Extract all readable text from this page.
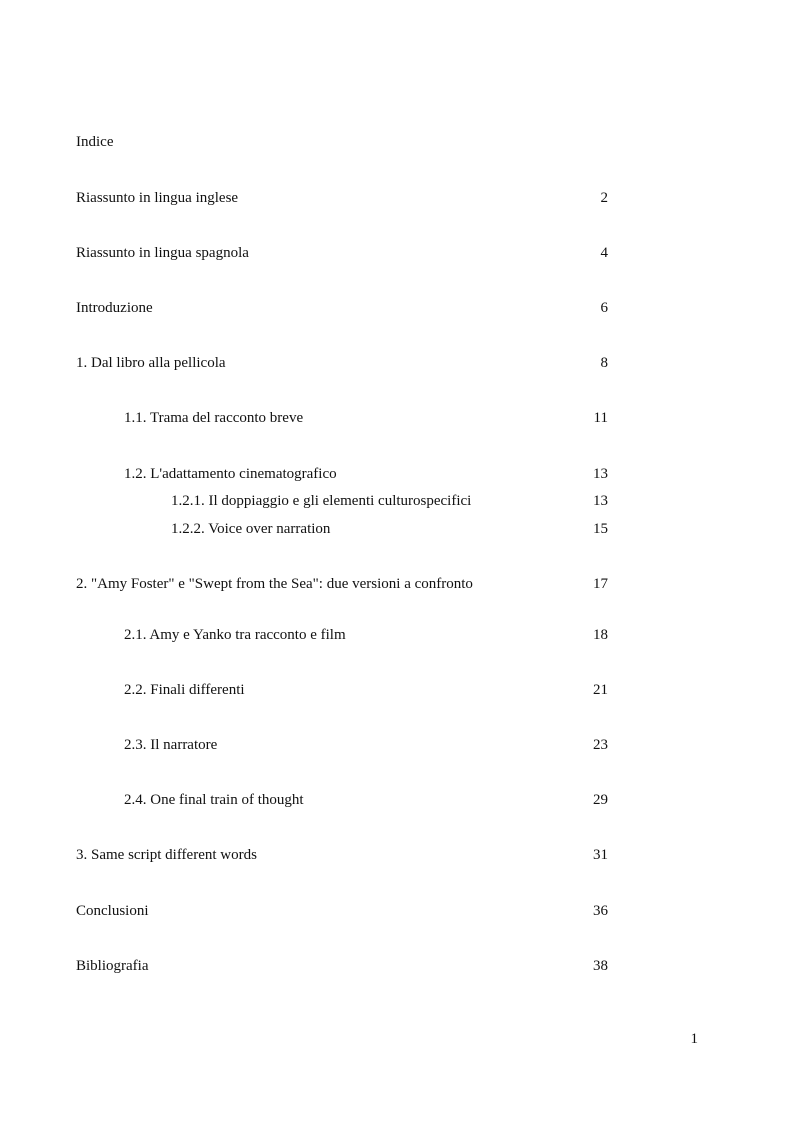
Indice
Riassunto in lingua inglese	2
Riassunto in lingua spagnola	4
Introduzione	6
1. Dal libro alla pellicola	8
1.1. Trama del racconto breve	11
1.2. L'adattamento cinematografico	13
1.2.1. Il doppiaggio e gli elementi culturospecifici	13
1.2.2. Voice over narration	15
2. "Amy Foster" e "Swept from the Sea": due versioni a confronto	17
2.1. Amy e Yanko tra racconto e film	18
2.2. Finali differenti	21
2.3. Il narratore	23
2.4. One final train of thought	29
3. Same script different words	31
Conclusioni	36
Bibliografia	38
1
